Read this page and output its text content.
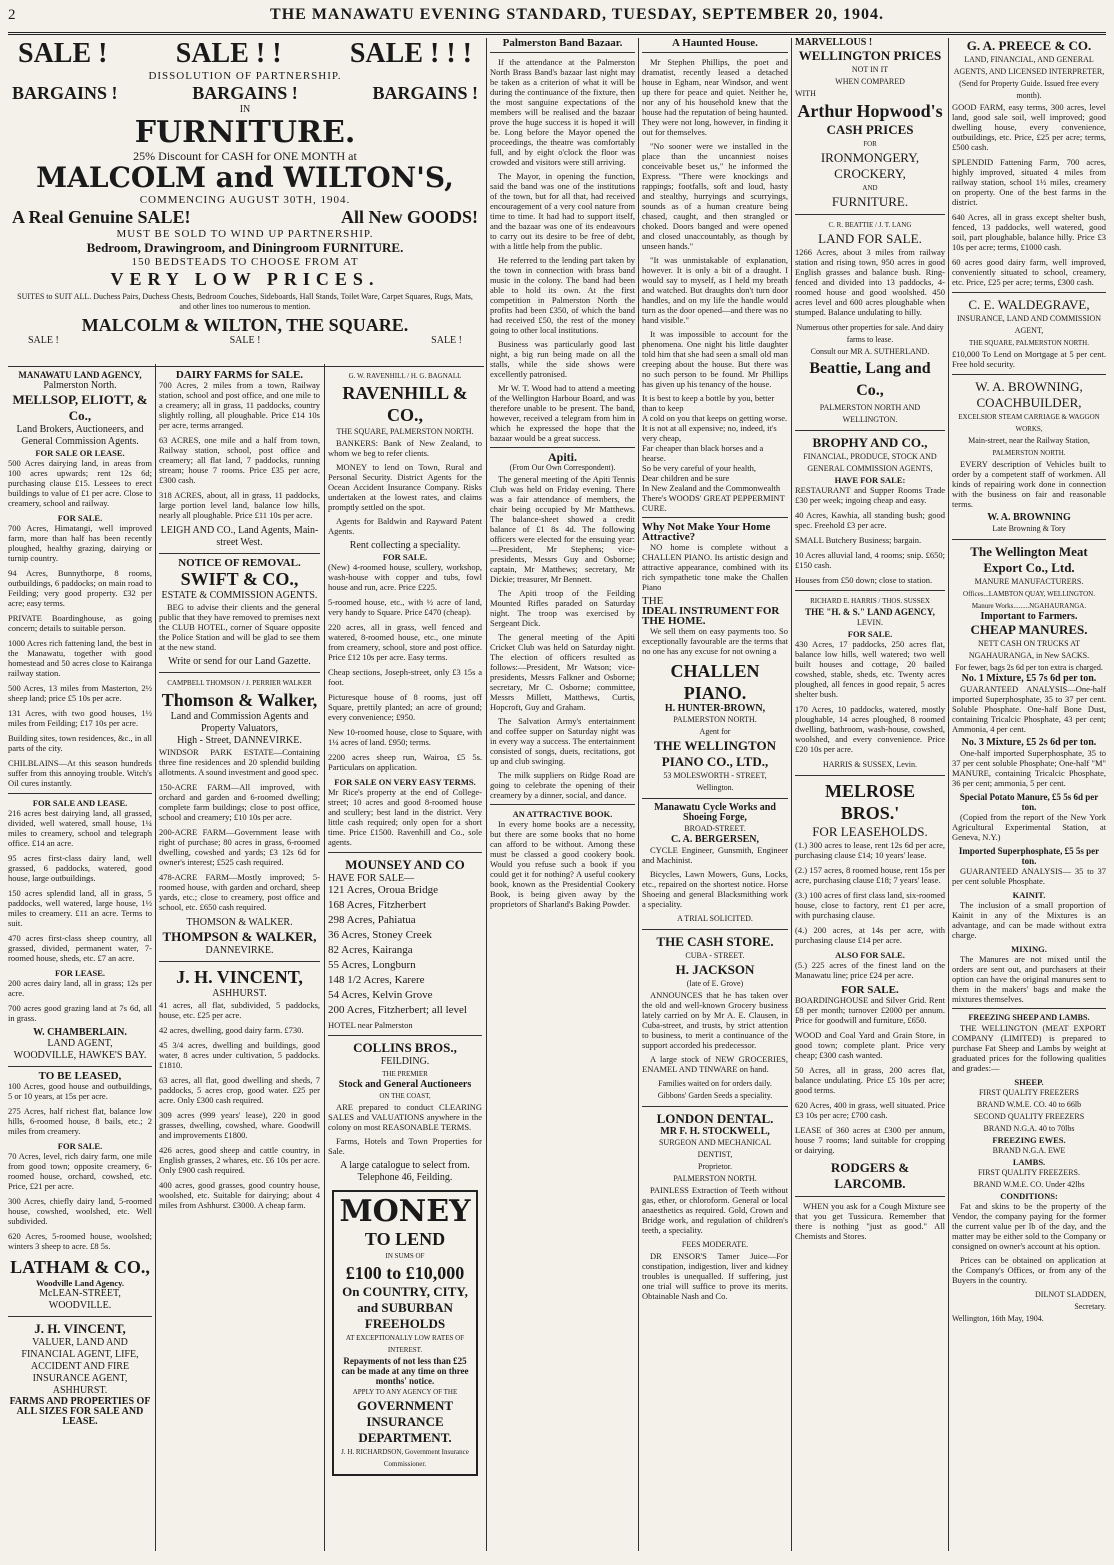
2	THE MANAWATU EVENING STANDARD, TUESDAY, SEPTEMBER 20, 1904.
SALE ! SALE ! ! SALE ! ! !
DISSOLUTION OF PARTNERSHIP.
BARGAINS !	BARGAINS !	BARGAINS !
IN
FURNITURE.
25% Discount for CASH for ONE MONTH at
MALCOLM and WILTON'S,
COMMENCING AUGUST 30TH, 1904.
A Real Genuine SALE!	All New GOODS!
MUST BE SOLD TO WIND UP PARTNERSHIP.
Bedroom, Drawingroom, and Diningroom FURNITURE.
150 BEDSTEADS TO CHOOSE FROM AT
VERY LOW PRICES.
SUITES to SUIT ALL. Duchess Pairs, Duchess Chests, Bedroom Couches, Sideboards, Hall Stands, Toilet Ware, Carpet Squares, Rugs, Mats, and other lines too numerous to mention.
MALCOLM & WILTON, THE SQUARE.
SALE !	SALE !	SALE !
MANAWATU LAND AGENCY,
Palmerston North.
MELLSOP, ELIOTT, & Co.,
Land Brokers, Auctioneers, and General Commission Agents.
FOR SALE OR LEASE.

500 Acres dairying land, in areas from 100 acres upwards; rent 12s 6d; purchasing clause £15. Lessees to erect buildings to value of £1 per acre. Close to creamery, school and railway.

FOR SALE.

700 Acres, Himatangi, well improved farm, more than half has been recently ploughed, healthy grazing, dairying or turnip country.

94 Acres, Bunnythorpe, 8 rooms, outbuildings, 6 paddocks; on main road to Feilding; very good property. £32 per acre; easy terms.

PRIVATE Boardinghouse, as going concern; details to suitable person.

1000 Acres rich fattening land, the best in the Manawatu, together with good homestead and 50 acres close to Kairanga railway station.

500 Acres, 13 miles from Masterton, 2½ sheep land; price £5 10s per acre.

131 Acres, with two good houses, 1½ miles from Feilding; £17 10s per acre.

Building sites, town residences, &c., in all parts of the city.

CHILBLAINS—At this season hundreds suffer from this annoying trouble. Witch's Oil cures instantly.

FOR SALE AND LEASE.

216 acres best dairying land, all grassed, divided, well watered, small house, 1¼ miles to creamery, school and telegraph office. £14 an acre.

95 acres first-class dairy land, well grassed, 6 paddocks, watered, good house, large outbuildings.

150 acres splendid land, all in grass, 5 paddocks, well watered, large house, 1½ miles to creamery. £11 an acre. Terms to suit.

470 acres first-class sheep country, all grassed, divided, permanent water, 7-roomed house, sheds, etc. £7 an acre.

FOR LEASE.

200 acres dairy land, all in grass; 12s per acre.

700 acres good grazing land at 7s 6d, all in grass.

W. CHAMBERLAIN.
LAND AGENT,
WOODVILLE, HAWKE'S BAY.
TO BE LEASED,

100 Acres, good house and outbuildings, 5 or 10 years, at 15s per acre.

275 Acres, half richest flat, balance low hills, 6-roomed house, 8 bails, etc.; 2 miles from creamery.

FOR SALE.

70 Acres, level, rich dairy farm, one mile from good town; opposite creamery, 6-roomed house, orchard, cowshed, etc. Price, £21 per acre.

300 Acres, chiefly dairy land, 5-roomed house, cowshed, woolshed, etc. Well subdivided.

620 Acres, 5-roomed house, woolshed; winters 3 sheep to acre. £8 5s.

LATHAM & CO.,
Woodville Land Agency.
McLEAN-STREET, WOODVILLE.
J. H. VINCENT,
VALUER, LAND AND FINANCIAL AGENT, LIFE, ACCIDENT AND FIRE INSURANCE AGENT,
ASHHURST.
FARMS AND PROPERTIES OF ALL SIZES FOR SALE AND LEASE.
DAIRY FARMS for SALE.

700 Acres, 2 miles from a town, Railway station, school and post office, and one mile to a creamery; all in grass, 11 paddocks, country slightly rolling, all ploughable. Price £14 10s per acre, terms arranged.

63 ACRES, one mile and a half from town, Railway station, school, post office and creamery; all flat land, 7 paddocks, running stream; house 7 rooms. Price £35 per acre, £300 cash.

318 ACRES, about, all in grass, 11 paddocks, large portion level land, balance low hills, nearly all ploughable. Price £11 10s per acre.

LEIGH AND CO., Land Agents, Main-street West.
NOTICE OF REMOVAL.
SWIFT & CO.,
ESTATE & COMMISSION AGENTS.

BEG to advise their clients and the general public that they have removed to premises next the CLUB HOTEL, corner of Square opposite the Police Station and will be glad to see them at the new stand.

Write or send for our Land Gazette.
CAMPBELL THOMSON / J. PERRIER WALKER
Thomson & Walker,
Land and Commission Agents and Property Valuators,
High - Street, DANNEVIRKE.

WINDSOR PARK ESTATE—Containing three fine residences and 20 splendid building allotments. A sound investment and good spec.

150-ACRE FARM—All improved, with orchard and garden and 6-roomed dwelling; complete farm buildings; close to post office, school and creamery; £10 10s per acre.

200-ACRE FARM—Government lease with right of purchase; 80 acres in grass, 6-roomed dwelling, cowshed and yards; £3 12s 6d for owner's interest; £525 cash required.

478-ACRE FARM—Mostly improved; 5-roomed house, with garden and orchard, sheep yards, etc.; close to creamery, post office and school, etc. £650 cash required.

THOMSON & WALKER.
THOMPSON & WALKER,
DANNEVIRKE.
J. H. VINCENT,
ASHHURST.

41 acres, all flat, subdivided, 5 paddocks, house, etc. £25 per acre.

42 acres, dwelling, good dairy farm. £730.

45 3/4 acres, dwelling and buildings, good water, 8 acres under cultivation, 5 paddocks. £1810.

63 acres, all flat, good dwelling and sheds, 7 paddocks, 5 acres crop, good water. £25 per acre. Only £300 cash required.

309 acres (999 years' lease), 220 in good grasses, dwelling, cowshed, whare. Goodwill and improvements £1800.

426 acres, good sheep and cattle country, in English grasses, 2 whares, etc. £6 10s per acre. Only £900 cash required.

400 acres, good grasses, good country house, woolshed, etc. Suitable for dairying; about 4 miles from Ashhurst. £3000. A cheap farm.

G. W. RAVENHILL / H. G. BAGNALL
RAVENHILL & CO.,
THE SQUARE, PALMERSTON NORTH.

BANKERS: Bank of New Zealand, to whom we beg to refer clients.

MONEY to lend on Town, Rural and Personal Security. District Agents for the Ocean Accident Insurance Company. Risks undertaken at the lowest rates, and claims promptly settled on the spot.

Agents for Baldwin and Rayward Patent Agents.

Rent collecting a speciality.
FOR SALE.

(New) 4-roomed house, scullery, workshop, wash-house with copper and tubs, fowl house and run, acre. Price £225.

5-roomed house, etc., with ½ acre of land, very handy to Square. Price £470 (cheap).

220 acres, all in grass, well fenced and watered, 8-roomed house, etc., one minute from creamery, school, store and post office. Price £12 10s per acre. Easy terms.

Cheap sections, Joseph-street, only £3 15s a foot.

Picturesque house of 8 rooms, just off Square, prettily planted; an acre of ground; every convenience; £950.

New 10-roomed house, close to Square, with 1¼ acres of land. £950; terms.

2200 acres sheep run, Wairoa, £5 5s. Particulars on application.

FOR SALE ON VERY EASY TERMS.

Mr Rice's property at the end of College-street; 10 acres and good 8-roomed house and scullery; best land in the district. Very little cash required; only open for a short time. Price £1500. Ravenhill and Co., sole agents.

MOUNSEY AND CO
HAVE FOR SALE—
121 Acres, Oroua Bridge
168 Acres, Fitzherbert
298 Acres, Pahiatua
36 Acres, Stoney Creek
82 Acres, Kairanga
55 Acres, Longburn
148 1/2 Acres, Karere
54 Acres, Kelvin Grove
200 Acres, Fitzherbert; all level
HOTEL near Palmerston
COLLINS BROS.,
FEILDING.
THE PREMIER
Stock and General Auctioneers
ON THE COAST,

ARE prepared to conduct CLEARING SALES and VALUATIONS anywhere in the colony on most REASONABLE TERMS.

Farms, Hotels and Town Properties for Sale.

A large catalogue to select from.
Telephone 46, Feilding.
MONEY
TO LEND
IN SUMS OF
£100 to £10,000
On COUNTRY, CITY, and SUBURBAN FREEHOLDS
AT EXCEPTIONALLY LOW RATES OF INTEREST.
Repayments of not less than £25 can be made at any time on three months' notice.
APPLY TO ANY AGENCY OF THE
GOVERNMENT INSURANCE DEPARTMENT.
J. H. RICHARDSON, Government Insurance Commissioner.
Palmerston Band Bazaar.

If the attendance at the Palmerston North Brass Band's bazaar last night may be taken as a criterion of what it will be during the continuance of the fixture, then the most sanguine expectations of the members will be realised and the bazaar prove the huge success it is hoped it will be. Long before the Mayor opened the proceedings, the theatre was comfortably full, and by eight o'clock the floor was crowded and visitors were still arriving.

The Mayor, in opening the function, said the band was one of the institutions of the town, but for all that, had received encouragement of a very cool nature from time to time. It had had to support itself, and the bazaar was one of its endeavours to carry out its desire to be free of debt, with a little help from the public.

He referred to the lending part taken by the town in connection with brass band music in the colony. The band had been able to hold its own. At the first competition in Palmerston North the profits had been £350, of which the band had received £50, the rest of the money going to other local institutions.

Business was particularly good last night, a big run being made on all the stalls, while the side shows were excellently patronised.

Mr W. T. Wood had to attend a meeting of the Wellington Harbour Board, and was therefore unable to be present. The band, however, received a telegram from him in which he expressed the hope that the bazaar would be a great success.

Apiti.
(From Our Own Correspondent).

The general meeting of the Apiti Tennis Club was held on Friday evening. There was a fair attendance of members, the chair being occupied by Mr Matthews. The balance-sheet showed a credit balance of £1 8s 4d. The following officers were elected for the ensuing year:—President, Mr Stephens; vice-presidents, Messrs Guy and Osborne; captain, Mr Matthews; secretary, Mr Dickie; treasurer, Mr Bennett.

The Apiti troop of the Feilding Mounted Rifles paraded on Saturday night. The troop was exercised by Sergeant Dick.

The general meeting of the Apiti Cricket Club was held on Saturday night. The election of officers resulted as follows:—President, Mr Watson; vice-presidents, Messrs Falkner and Osborne; secretary, Mr C. Osborne; committee, Messrs Millett, Matthews, Curtis, Hopcroft, Guy and Graham.

The Salvation Army's entertainment and coffee supper on Saturday night was in every way a success. The entertainment consisted of songs, duets, recitations, got up and club swinging.

The milk suppliers on Ridge Road are going to celebrate the opening of their creamery by a dinner, social, and dance.

AN ATTRACTIVE BOOK.

In every home books are a necessity, but there are some books that no home can afford to be without. Among these must be classed a good cookery book. Would you refuse such a book if you could get it for nothing? A useful cookery book, known as the Presidential Cookery Book, is being given away by the proprietors of Sharland's Baking Powder.

A Haunted House.

Mr Stephen Phillips, the poet and dramatist, recently leased a detached house in Egham, near Windsor, and went up there for peace and quiet. Neither he, nor any of his household knew that the house had the reputation of being haunted. They were not long, however, in finding it out for themselves.

"No sooner were we installed in the place than the uncanniest noises conceivable beset us," he informed the Express. "There were knockings and rappings; footfalls, soft and loud, hasty and stealthy, hurryings and scurryings, sounds as of a human creature being chased, caught, and then strangled or choked. Doors banged and were opened and closed unaccountably, as though by unseen hands."

"It was unmistakable of explanation, however. It is only a bit of a draught. I would say to myself, as I held my breath and watched. But draughts don't turn door handles, and on my life the handle would turn as the door opened—and there was no hand visible."

It was impossible to account for the phenomena. One night his little daughter told him that she had seen a small old man creeping about the house. But there was no such person to be found. Mr Phillips has given up his tenancy of the house.

It is best to keep a bottle by you, better than to keep
A cold on you that keeps on getting worse.
It is not at all expensive; no, indeed, it's very cheap,
Far cheaper than black horses and a hearse.
So be very careful of your health,
Dear children and be sure
In New Zealand and the Commonwealth
There's WOODS' GREAT PEPPERMINT CURE.

Why Not Make Your Home Attractive?

NO home is complete without a CHALLEN PIANO. Its artistic design and attractive appearance, combined with its rich sympathetic tone make the Challen Piano

THE
IDEAL INSTRUMENT FOR THE HOME.

We sell them on easy payments too. So exceptionally favourable are the terms that no one has any excuse for not owning a

CHALLEN PIANO.
H. HUNTER-BROWN,
PALMERSTON NORTH.
Agent for
THE WELLINGTON PIANO CO., LTD.,
53 MOLESWORTH - STREET,
Wellington.
Manawatu Cycle Works and Shoeing Forge,
BROAD-STREET.
C. A. BERGERSEN,

CYCLE Engineer, Gunsmith, Engineer and Machinist.

Bicycles, Lawn Mowers, Guns, Locks, etc., repaired on the shortest notice. Horse Shoeing and general Blacksmithing work a speciality.

A TRIAL SOLICITED.
THE CASH STORE.
CUBA - STREET.
H. JACKSON
(late of E. Grove)

ANNOUNCES that he has taken over the old and well-known Grocery business lately carried on by Mr A. E. Clausen, in Cuba-street, and trusts, by strict attention to business, to merit a continuance of the support accorded his predecessor.

A large stock of NEW GROCERIES, ENAMEL AND TINWARE on hand.

Families waited on for orders daily.
Gibbons' Garden Seeds a speciality.
LONDON DENTAL.
MR F. H. STOCKWELL,
SURGEON AND MECHANICAL DENTIST,
Proprietor.
PALMERSTON NORTH.

PAINLESS Extraction of Teeth without gas, ether, or chloroform. General or local anaesthetics as required. Gold, Crown and Bridge work, and regulation of children's teeth, a speciality.

FEES MODERATE.

DR ENSOR'S Tamer Juice—For constipation, indigestion, liver and kidney troubles is unequalled. If suffering, just one trial will suffice to prove its merits. Obtainable Nash and Co.

MARVELLOUS !
WELLINGTON PRICES
NOT IN IT
WHEN COMPARED
WITH
Arthur Hopwood's
CASH PRICES
FOR
IRONMONGERY,
CROCKERY,
AND
FURNITURE.
C. R. BEATTIE / J. T. LANG
LAND FOR SALE.

1266 Acres, about 3 miles from railway station and rising town, 950 acres in good English grasses and balance bush. Ring-fenced and divided into 13 paddocks, 4-roomed house and good woolshed. 450 acres level and 600 acres ploughable when stumped. Balance undulating to hilly.

Numerous other properties for sale. And dairy farms to lease.
Consult our MR A. SUTHERLAND.
Beattie, Lang and Co.,
PALMERSTON NORTH AND WELLINGTON.
BROPHY AND CO.,
FINANCIAL, PRODUCE, STOCK AND GENERAL COMMISSION AGENTS,
HAVE FOR SALE:

RESTAURANT and Supper Rooms Trade £30 per week; ingoing cheap and easy.

40 Acres, Kawhia, all standing bush; good spec. Freehold £3 per acre.

SMALL Butchery Business; bargain.

10 Acres alluvial land, 4 rooms; snip. £650; £150 cash.

Houses from £50 down; close to station.

RICHARD E. HARRIS / THOS. SUSSEX
THE "H. & S." LAND AGENCY,
LEVIN.
FOR SALE.

430 Acres, 17 paddocks, 250 acres flat, balance low hills, well watered; two well built houses and cottage, 20 bailed cowshed, stable, sheds, etc. Twenty acres ploughed, all fences in good repair, 5 acres shelter bush.

170 Acres, 10 paddocks, watered, mostly ploughable, 14 acres ploughed, 8 roomed dwelling, bathroom, wash-house, cowshed, woolshed, and every convenience. Price £20 10s per acre.

HARRIS & SUSSEX, Levin.
MELROSE BROS.'
FOR LEASEHOLDS.

(1.) 300 acres to lease, rent 12s 6d per acre, purchasing clause £14; 10 years' lease.

(2.) 157 acres, 8 roomed house, rent 15s per acre, purchasing clause £18; 7 years' lease.

(3.) 100 acres of first class land, six-roomed house, close to factory, rent £1 per acre, with purchasing clause.

(4.) 200 acres, at 14s per acre, with purchasing clause £14 per acre.

ALSO FOR SALE.

(5.) 225 acres of the finest land on the Manawatu line; price £24 per acre.

FOR SALE.

BOARDINGHOUSE and Silver Grid. Rent £8 per month; turnover £2000 per annum. Price for goodwill and furniture, £650.

WOOD and Coal Yard and Grain Store, in good town; complete plant. Price very cheap; £300 cash wanted.

50 Acres, all in grass, 200 acres flat, balance undulating. Price £5 10s per acre; good terms.

620 Acres, 400 in grass, well situated. Price £3 10s per acre; £700 cash.

LEASE of 360 acres at £300 per annum, house 7 rooms; land suitable for cropping or dairying.

RODGERS & LARCOMB.

WHEN you ask for a Cough Mixture see that you get Tussicura. Remember that there is nothing "just as good." All Chemists and Stores.

G. A. PREECE & CO.
LAND, FINANCIAL, AND GENERAL AGENTS, AND LICENSED INTERPRETER,
(Send for Property Guide. Issued free every month).

GOOD FARM, easy terms, 300 acres, level land, good sale soil, well improved; good dwelling house, every convenience, outbuildings, etc. Price, £25 per acre; terms, £500 cash.

SPLENDID Fattening Farm, 700 acres, highly improved, situated 4 miles from railway station, school 1½ miles, creamery on property. One of the best farms in the district.

640 Acres, all in grass except shelter bush, fenced, 13 paddocks, well watered, good soil, part ploughable, balance hilly. Price £3 10s per acre; terms, £1000 cash.

60 acres good dairy farm, well improved, conveniently situated to school, creamery, etc. Price, £25 per acre; terms, £300 cash.

C. E. WALDEGRAVE,
INSURANCE, LAND AND COMMISSION AGENT,
THE SQUARE, PALMERSTON NORTH.

£10,000 To Lend on Mortgage at 5 per cent. Free hold security.

W. A. BROWNING,
COACHBUILDER,
EXCELSIOR STEAM CARRIAGE & WAGGON WORKS,
Main-street, near the Railway Station,
PALMERSTON NORTH.

EVERY description of Vehicles built to order by a competent staff of workmen. All kinds of repairing work done in connection with the business on fair and reasonable terms.

W. A. BROWNING
Late Browning & Tory
The Wellington Meat Export Co., Ltd.
MANURE MANUFACTURERS.
Offices...LAMBTON QUAY, WELLINGTON. Manure Works.........NGAHAURANGA.
Important to Farmers.
CHEAP MANURES.
NETT CASH ON TRUCKS AT NGAHAURANGA, in New SACKS.
For fewer, bags 2s 6d per ton extra is charged.
No. 1 Mixture, £5 7s 6d per ton.

GUARANTEED ANALYSIS—One-half imported Superphosphate, 35 to 37 per cent. Soluble Phosphate. One-half Bone Dust, containing Tricalcic Phosphate, 43 per cent; Ammonia, 4 per cent.

No. 3 Mixture, £5 2s 6d per ton.

One-half imported Superphosphate, 35 to 37 per cent soluble Phosphate; One-half "M" MANURE, containing Tricalcic Phosphate, 36 per cent; ammonia, 5 per cent.

Special Potato Manure, £5 5s 6d per ton.

(Copied from the report of the New York Agricultural Experimental Station, at Geneva, N.Y.)

Imported Superphosphate, £5 5s per ton.

GUARANTEED ANALYSIS— 35 to 37 per cent soluble Phosphate.

KAINIT.

The inclusion of a small proportion of Kainit in any of the Mixtures is an advantage, and can be made without extra charge.

MIXING.

The Manures are not mixed until the orders are sent out, and purchasers at their option can have the original manures sent to them in the makers' bags and make the mixtures themselves.

FREEZING SHEEP AND LAMBS.

THE WELLINGTON (MEAT EXPORT COMPANY (LIMITED) is prepared to purchase Fat Sheep and Lambs by weight at graduated prices for the following qualities and grades:—

SHEEP.
FIRST QUALITY FREEZERS
BRAND W.M.E. CO. 40 to 66lb
SECOND QUALITY FREEZERS
BRAND N.G.A. 40 to 70lbs
FREEZING EWES.
BRAND N.G.A. EWE
LAMBS.
FIRST QUALITY FREEZERS.
BRAND W.M.E. CO. Under 42lbs
CONDITIONS:

Fat and skins to be the property of the Vendor, the company paying for the former the current value per lb of the day, and the matter may be either sold to the Company or consigned on owner's account at his option.

Prices can be obtained on application at the Company's Offices, or from any of the Buyers in the country.

DILNOT SLADDEN,
Secretary.
Wellington, 16th May, 1904.
